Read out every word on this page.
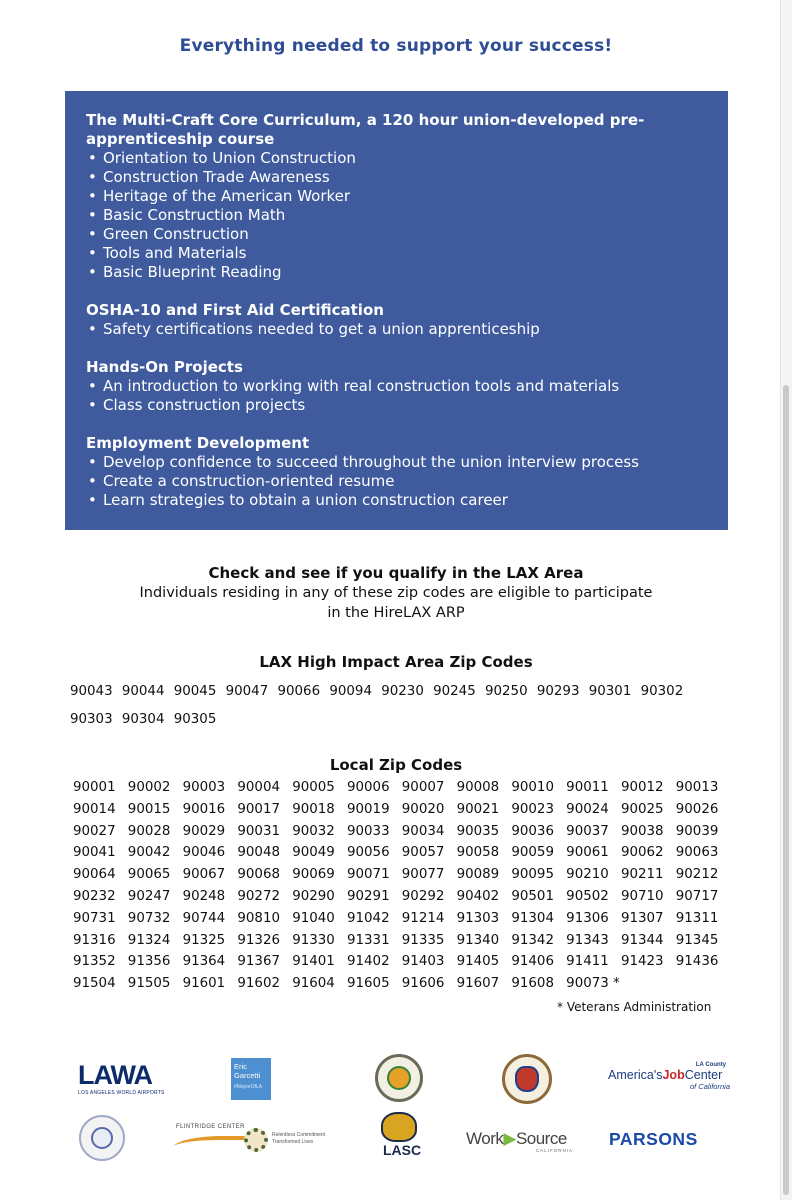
Everything needed to support your success!
The Multi-Craft Core Curriculum, a 120 hour union-developed pre-apprenticeship course
• Orientation to Union Construction
• Construction Trade Awareness
• Heritage of the American Worker
• Basic Construction Math
• Green Construction
• Tools and Materials
• Basic Blueprint Reading
OSHA-10 and First Aid Certification
• Safety certifications needed to get a union apprenticeship
Hands-On Projects
• An introduction to working with real construction tools and materials
• Class construction projects
Employment Development
• Develop confidence to succeed throughout the union interview process
• Create a construction-oriented resume
• Learn strategies to obtain a union construction career
Check and see if you qualify in the LAX Area

Individuals residing in any of these zip codes are eligible to participate in the HireLAX ARP

LAX High Impact Area Zip Codes
90043 90044 90045 90047 90066 90094 90230 90245 90250 90293 90301 90302 90303 90304 90305
Local Zip Codes
90001 90002 90003 90004 90005 90006 90007 90008 90010 90011 90012 90013
90014 90015 90016 90017 90018 90019 90020 90021 90023 90024 90025 90026
90027 90028 90029 90031 90032 90033 90034 90035 90036 90037 90038 90039
90041 90042 90046 90048 90049 90056 90057 90058 90059 90061 90062 90063
90064 90065 90067 90068 90069 90071 90077 90089 90095 90210 90211 90212
90232 90247 90248 90272 90290 90291 90292 90402 90501 90502 90710 90717
90731 90732 90744 90810 91040 91042 91214 91303 91304 91306 91307 91311
91316 91324 91325 91326 91330 91331 91335 91340 91342 91343 91344 91345
91352 91356 91364 91367 91401 91402 91403 91405 91406 91411 91423 91436
91504 91505 91601 91602 91604 91605 91606 91607 91608 90073 *
* Veterans Administration
LAWA
LOS ANGELES WORLD AIRPORTS
Eric
Garcetti
#MayorOfLA
LA County
America'sJobCenter
of California
FLINTRIDGE CENTER
Relentless Commitment
Transformed Lives	LASC
Work▶Source
CALIFORNIA
PARSONS
